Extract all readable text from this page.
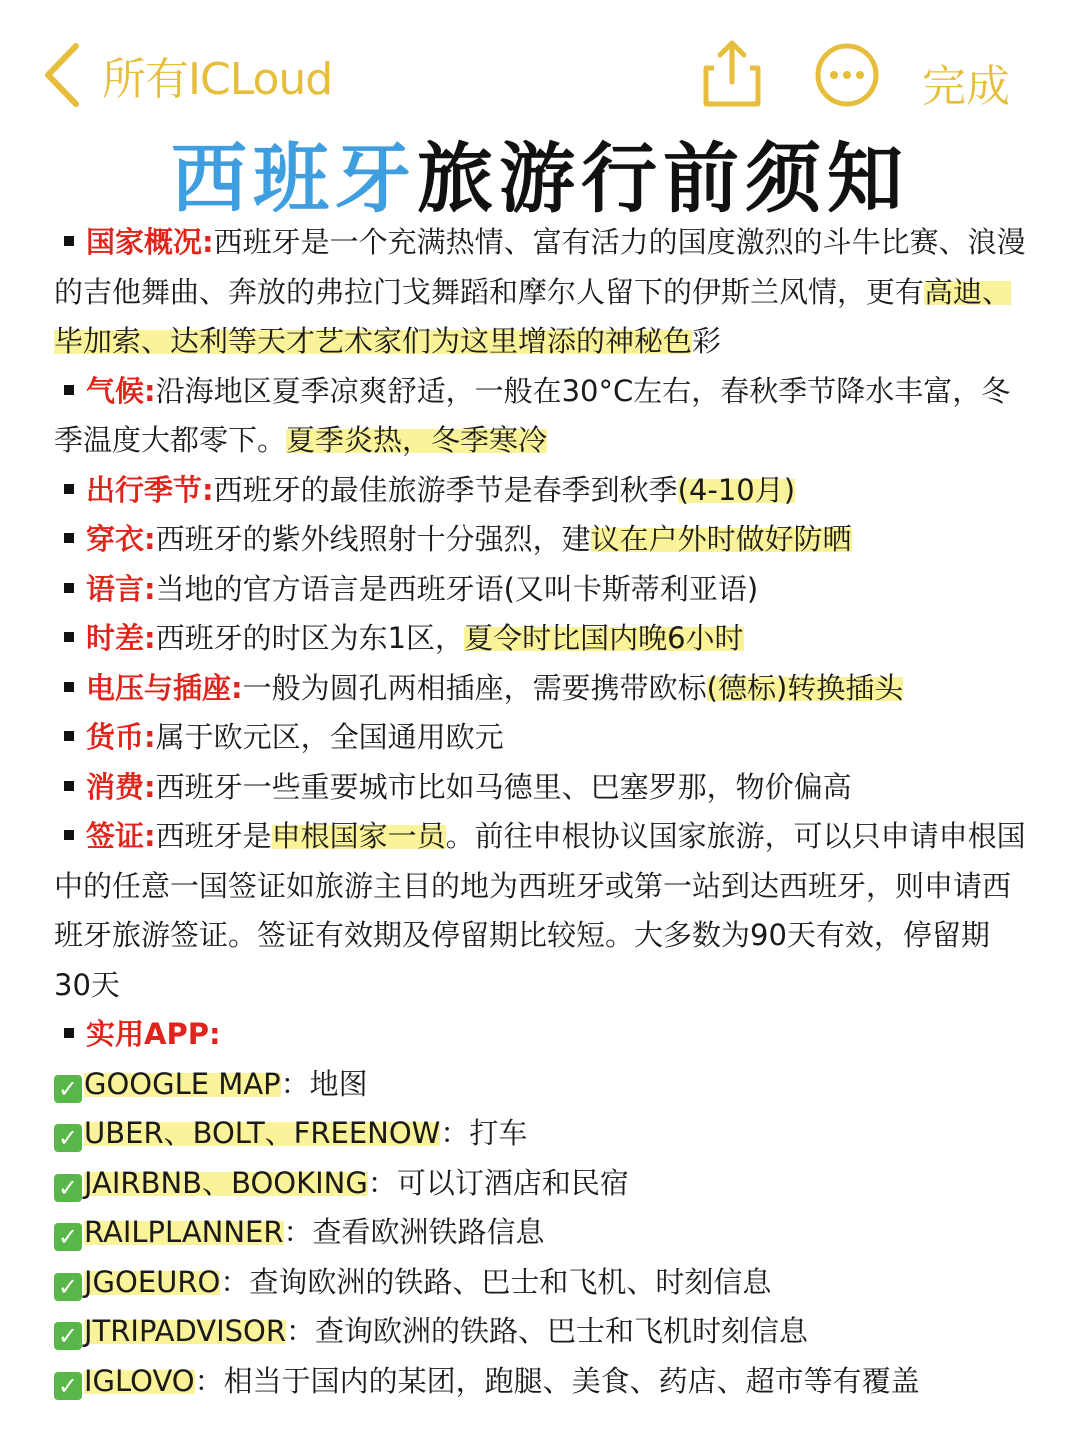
所有ICLoud	完成
西班牙旅游行前须知

国家概况:西班牙是一个充满热情、富有活力的国度激烈的斗牛比赛、浪漫的吉他舞曲、奔放的弗拉门戈舞蹈和摩尔人留下的伊斯兰风情，更有高迪、毕加索、达利等天才艺术家们为这里增添的神秘色彩

气候:沿海地区夏季凉爽舒适，一般在30°C左右，春秋季节降水丰富，冬季温度大都零下。夏季炎热，冬季寒冷

出行季节:西班牙的最佳旅游季节是春季到秋季(4-10月)

穿衣:西班牙的紫外线照射十分强烈，建议在户外时做好防晒

语言:当地的官方语言是西班牙语(又叫卡斯蒂利亚语)

时差:西班牙的时区为东1区，夏令时比国内晚6小时

电压与插座:一般为圆孔两相插座，需要携带欧标(德标)转换插头

货币:属于欧元区，全国通用欧元

消费:西班牙一些重要城市比如马德里、巴塞罗那，物价偏高

签证:西班牙是申根国家一员。前往申根协议国家旅游，可以只申请申根国中的任意一国签证如旅游主目的地为西班牙或第一站到达西班牙，则申请西班牙旅游签证。签证有效期及停留期比较短。大多数为90天有效，停留期30天

实用APP:

✓ GOOGLE MAP：地图

✓ UBER、BOLT、FREENOW：打车

✓ JAIRBNB、BOOKING：可以订酒店和民宿

✓ RAILPLANNER：查看欧洲铁路信息

✓ JGOEURO：查询欧洲的铁路、巴士和飞机、时刻信息

✓ JTRIPADVISOR：查询欧洲的铁路、巴士和飞机时刻信息

✓ IGLOVO：相当于国内的某团，跑腿、美食、药店、超市等有覆盖
